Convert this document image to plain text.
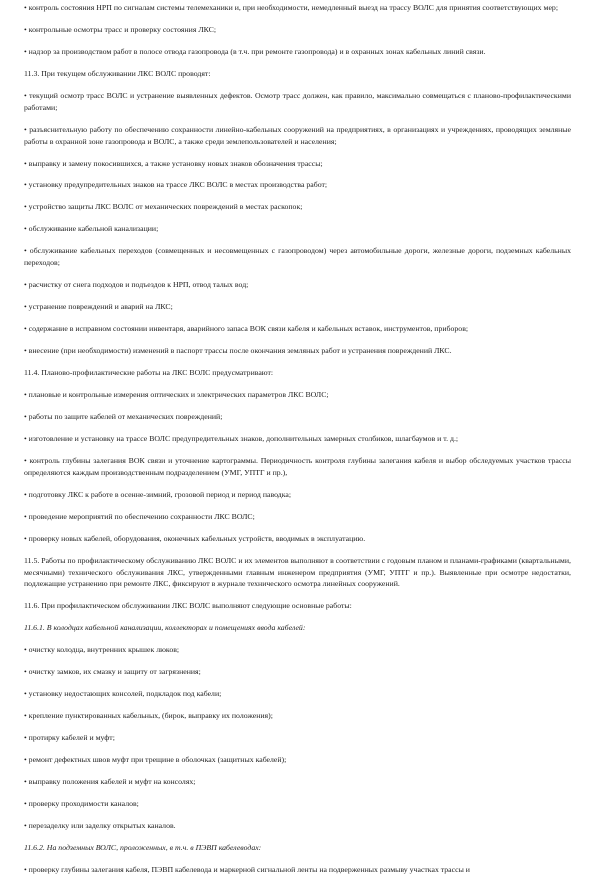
• контроль состояния НРП по сигналам системы телемеханики и, при необходимости, немедленный выезд на трассу ВОЛС для принятия соответствующих мер;

• контрольные осмотры трасс и проверку состояния ЛКС;

• надзор за производством работ в полосе отвода газопровода (в т.ч. при ремонте газопровода) и в охранных зонах кабельных линий связи.

11.3. При текущем обслуживании ЛКС ВОЛС проводят:

• текущий осмотр трасс ВОЛС и устранение выявленных дефектов. Осмотр трасс должен, как правило, максимально совмещаться с планово-профилактическими работами;

• разъяснительную работу по обеспечению сохранности линейно-кабельных сооружений на предприятиях, в организациях и учреждениях, проводящих земляные работы в охранной зоне газопровода и ВОЛС, а также среди землепользователей и населения;

• выправку и замену покосившихся, а также установку новых знаков обозначения трассы;

• установку предупредительных знаков на трассе ЛКС ВОЛС в местах производства работ;

• устройство защиты ЛКС ВОЛС от механических повреждений в местах раскопок;

• обслуживание кабельной канализации;

• обслуживание кабельных переходов (совмещенных и несовмещенных с газопроводом) через автомобильные дороги, железные дороги, подземных кабельных переходов;

• расчистку от снега подходов и подъездов к НРП, отвод талых вод;

• устранение повреждений и аварий на ЛКС;

• содержание в исправном состоянии инвентаря, аварийного запаса ВОК связи кабеля и кабельных вставок, инструментов, приборов;

• внесение (при необходимости) изменений в паспорт трассы после окончания земляных работ и устранения повреждений ЛКС.

11.4. Планово-профилактические работы на ЛКС ВОЛС предусматривают:

• плановые и контрольные измерения оптических и электрических параметров ЛКС ВОЛС;

• работы по защите кабелей от механических повреждений;

• изготовление и установку на трассе ВОЛС предупредительных знаков, дополнительных замерных столбиков, шлагбаумов и т. д.;

• контроль глубины залегания ВОК связи и уточнение картограммы. Периодичность контроля глубины залегания кабеля и выбор обследуемых участков трассы определяются каждым производственным подразделением (УМГ, УПТГ и пр.),

• подготовку ЛКС к работе в осенне-зимний, грозовой период и период паводка;

• проведение мероприятий по обеспечению сохранности ЛКС ВОЛС;

• проверку новых кабелей, оборудования, оконечных кабельных устройств, вводимых в эксплуатацию.

11.5. Работы по профилактическому обслуживанию ЛКС ВОЛС и их элементов выполняют в соответствии с годовым планом и планами-графиками (квартальными, месячными) технического обслуживания ЛКС, утвержденными главным инженером предприятия (УМГ, УПТГ и пр.). Выявленные при осмотре недостатки, подлежащие устранению при ремонте ЛКС, фиксируют в журнале технического осмотра линейных сооружений.

11.6. При профилактическом обслуживании ЛКС ВОЛС выполняют следующие основные работы:

11.6.1. В колодцах кабельной канализации, коллекторах и помещениях ввода кабелей:

• очистку колодца, внутренних крышек люков;

• очистку замков, их смазку и защиту от загрязнения;

• установку недостающих консолей, подкладок под кабели;

• крепление пунктированных кабельных, (бирок, выправку их положения);

• протирку кабелей и муфт;

• ремонт дефектных швов муфт при трещине в оболочках (защитных кабелей);

• выправку положения кабелей и муфт на консолях;

• проверку проходимости каналов;

• перезаделку или заделку открытых каналов.

11.6.2. На подземных ВОЛС, проложенных, в т.ч. в ПЭВП кабелеводах:

• проверку глубины залегания кабеля, ПЭВП кабелевода и маркерной сигнальной ленты на подверженных размыву участках трассы и
